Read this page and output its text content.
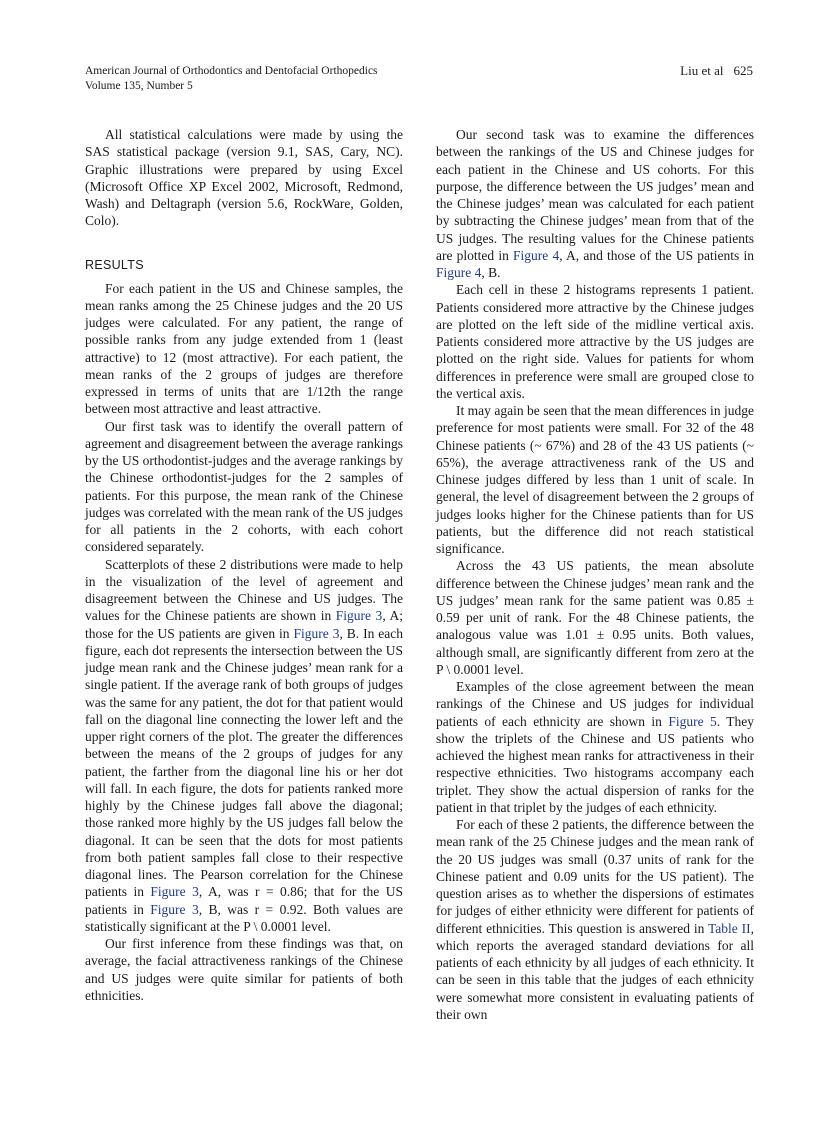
American Journal of Orthodontics and Dentofacial Orthopedics
Volume 135, Number 5
Liu et al 625

All statistical calculations were made by using the SAS statistical package (version 9.1, SAS, Cary, NC). Graphic illustrations were prepared by using Excel (Microsoft Office XP Excel 2002, Microsoft, Redmond, Wash) and Deltagraph (version 5.6, RockWare, Golden, Colo).

RESULTS

For each patient in the US and Chinese samples, the mean ranks among the 25 Chinese judges and the 20 US judges were calculated. For any patient, the range of possible ranks from any judge extended from 1 (least attractive) to 12 (most attractive). For each patient, the mean ranks of the 2 groups of judges are therefore expressed in terms of units that are 1/12th the range between most attractive and least attractive.

Our first task was to identify the overall pattern of agreement and disagreement between the average rankings by the US orthodontist-judges and the average rankings by the Chinese orthodontist-judges for the 2 samples of patients. For this purpose, the mean rank of the Chinese judges was correlated with the mean rank of the US judges for all patients in the 2 cohorts, with each cohort considered separately.

Scatterplots of these 2 distributions were made to help in the visualization of the level of agreement and disagreement between the Chinese and US judges. The values for the Chinese patients are shown in Figure 3, A; those for the US patients are given in Figure 3, B. In each figure, each dot represents the intersection between the US judge mean rank and the Chinese judges’ mean rank for a single patient. If the average rank of both groups of judges was the same for any patient, the dot for that patient would fall on the diagonal line connecting the lower left and the upper right corners of the plot. The greater the differences between the means of the 2 groups of judges for any patient, the farther from the diagonal line his or her dot will fall. In each figure, the dots for patients ranked more highly by the Chinese judges fall above the diagonal; those ranked more highly by the US judges fall below the diagonal. It can be seen that the dots for most patients from both patient samples fall close to their respective diagonal lines. The Pearson correlation for the Chinese patients in Figure 3, A, was r = 0.86; that for the US patients in Figure 3, B, was r = 0.92. Both values are statistically significant at the P \ 0.0001 level.

Our first inference from these findings was that, on average, the facial attractiveness rankings of the Chinese and US judges were quite similar for patients of both ethnicities.

Our second task was to examine the differences between the rankings of the US and Chinese judges for each patient in the Chinese and US cohorts. For this purpose, the difference between the US judges’ mean and the Chinese judges’ mean was calculated for each patient by subtracting the Chinese judges’ mean from that of the US judges. The resulting values for the Chinese patients are plotted in Figure 4, A, and those of the US patients in Figure 4, B.

Each cell in these 2 histograms represents 1 patient. Patients considered more attractive by the Chinese judges are plotted on the left side of the midline vertical axis. Patients considered more attractive by the US judges are plotted on the right side. Values for patients for whom differences in preference were small are grouped close to the vertical axis.

It may again be seen that the mean differences in judge preference for most patients were small. For 32 of the 48 Chinese patients (~ 67%) and 28 of the 43 US patients (~ 65%), the average attractiveness rank of the US and Chinese judges differed by less than 1 unit of scale. In general, the level of disagreement between the 2 groups of judges looks higher for the Chinese patients than for US patients, but the difference did not reach statistical significance.

Across the 43 US patients, the mean absolute difference between the Chinese judges’ mean rank and the US judges’ mean rank for the same patient was 0.85 ± 0.59 per unit of rank. For the 48 Chinese patients, the analogous value was 1.01 ± 0.95 units. Both values, although small, are significantly different from zero at the P \ 0.0001 level.

Examples of the close agreement between the mean rankings of the Chinese and US judges for individual patients of each ethnicity are shown in Figure 5. They show the triplets of the Chinese and US patients who achieved the highest mean ranks for attractiveness in their respective ethnicities. Two histograms accompany each triplet. They show the actual dispersion of ranks for the patient in that triplet by the judges of each ethnicity.

For each of these 2 patients, the difference between the mean rank of the 25 Chinese judges and the mean rank of the 20 US judges was small (0.37 units of rank for the Chinese patient and 0.09 units for the US patient). The question arises as to whether the dispersions of estimates for judges of either ethnicity were different for patients of different ethnicities. This question is answered in Table II, which reports the averaged standard deviations for all patients of each ethnicity by all judges of each ethnicity. It can be seen in this table that the judges of each ethnicity were somewhat more consistent in evaluating patients of their own
